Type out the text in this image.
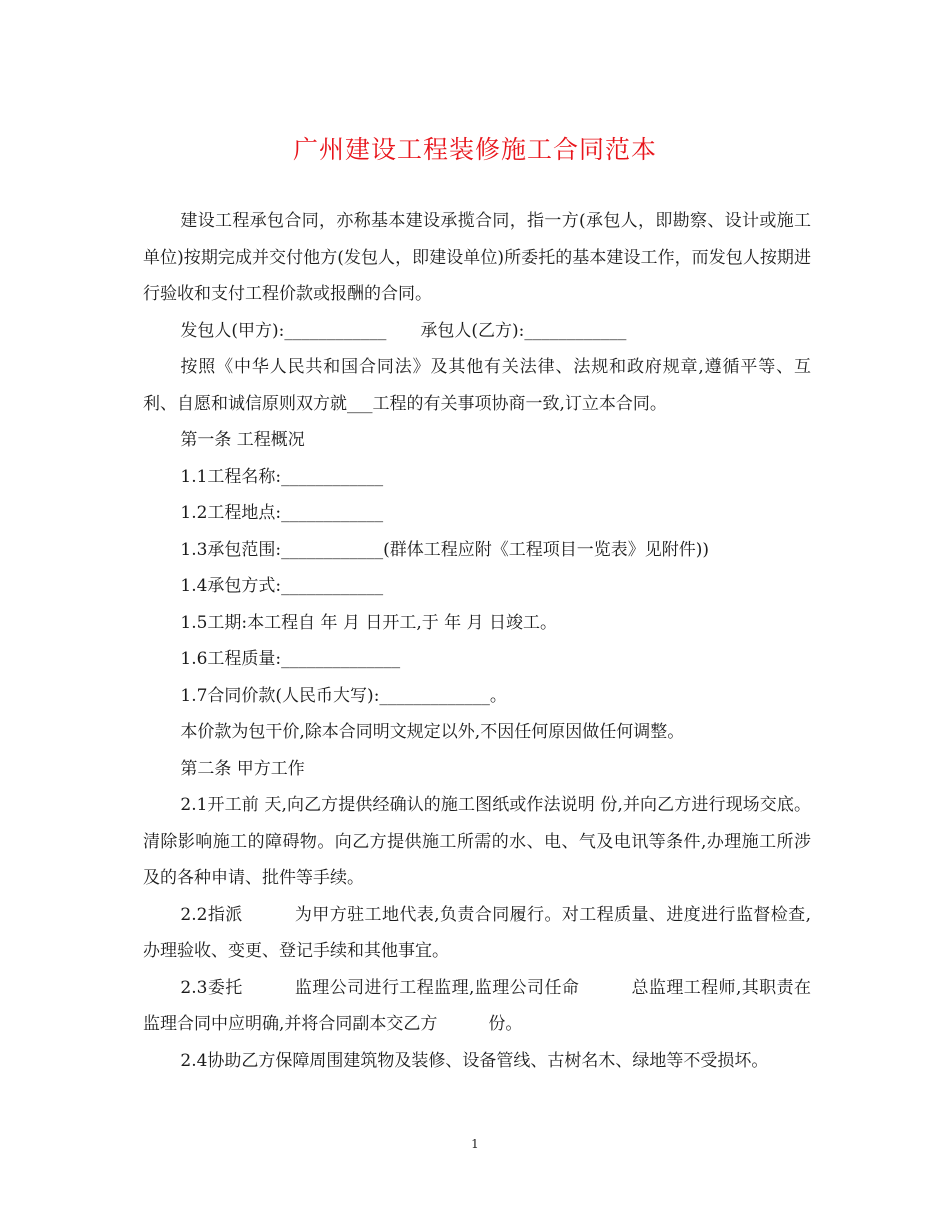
广州建设工程装修施工合同范本

建设工程承包合同，亦称基本建设承揽合同，指一方(承包人，即勘察、设计或施工单位)按期完成并交付他方(发包人，即建设单位)所委托的基本建设工作，而发包人按期进行验收和支付工程价款或报酬的合同。

发包人(甲方):____________　　承包人(乙方):____________

按照《中华人民共和国合同法》及其他有关法律、法规和政府规章,遵循平等、互利、自愿和诚信原则双方就___工程的有关事项协商一致,订立本合同。

第一条 工程概况

1.1工程名称:____________

1.2工程地点:____________

1.3承包范围:____________(群体工程应附《工程项目一览表》见附件))

1.4承包方式:____________

1.5工期:本工程自 年 月 日开工,于 年 月 日竣工。

1.6工程质量:______________

1.7合同价款(人民币大写):_____________。

本价款为包干价,除本合同明文规定以外,不因任何原因做任何调整。

第二条 甲方工作

2.1开工前 天,向乙方提供经确认的施工图纸或作法说明 份,并向乙方进行现场交底。清除影响施工的障碍物。向乙方提供施工所需的水、电、气及电讯等条件,办理施工所涉及的各种申请、批件等手续。

2.2指派　　　为甲方驻工地代表,负责合同履行。对工程质量、进度进行监督检查,办理验收、变更、登记手续和其他事宜。

2.3委托　　　监理公司进行工程监理,监理公司任命　　　总监理工程师,其职责在监理合同中应明确,并将合同副本交乙方　　　份。

2.4协助乙方保障周围建筑物及装修、设备管线、古树名木、绿地等不受损坏。

1
